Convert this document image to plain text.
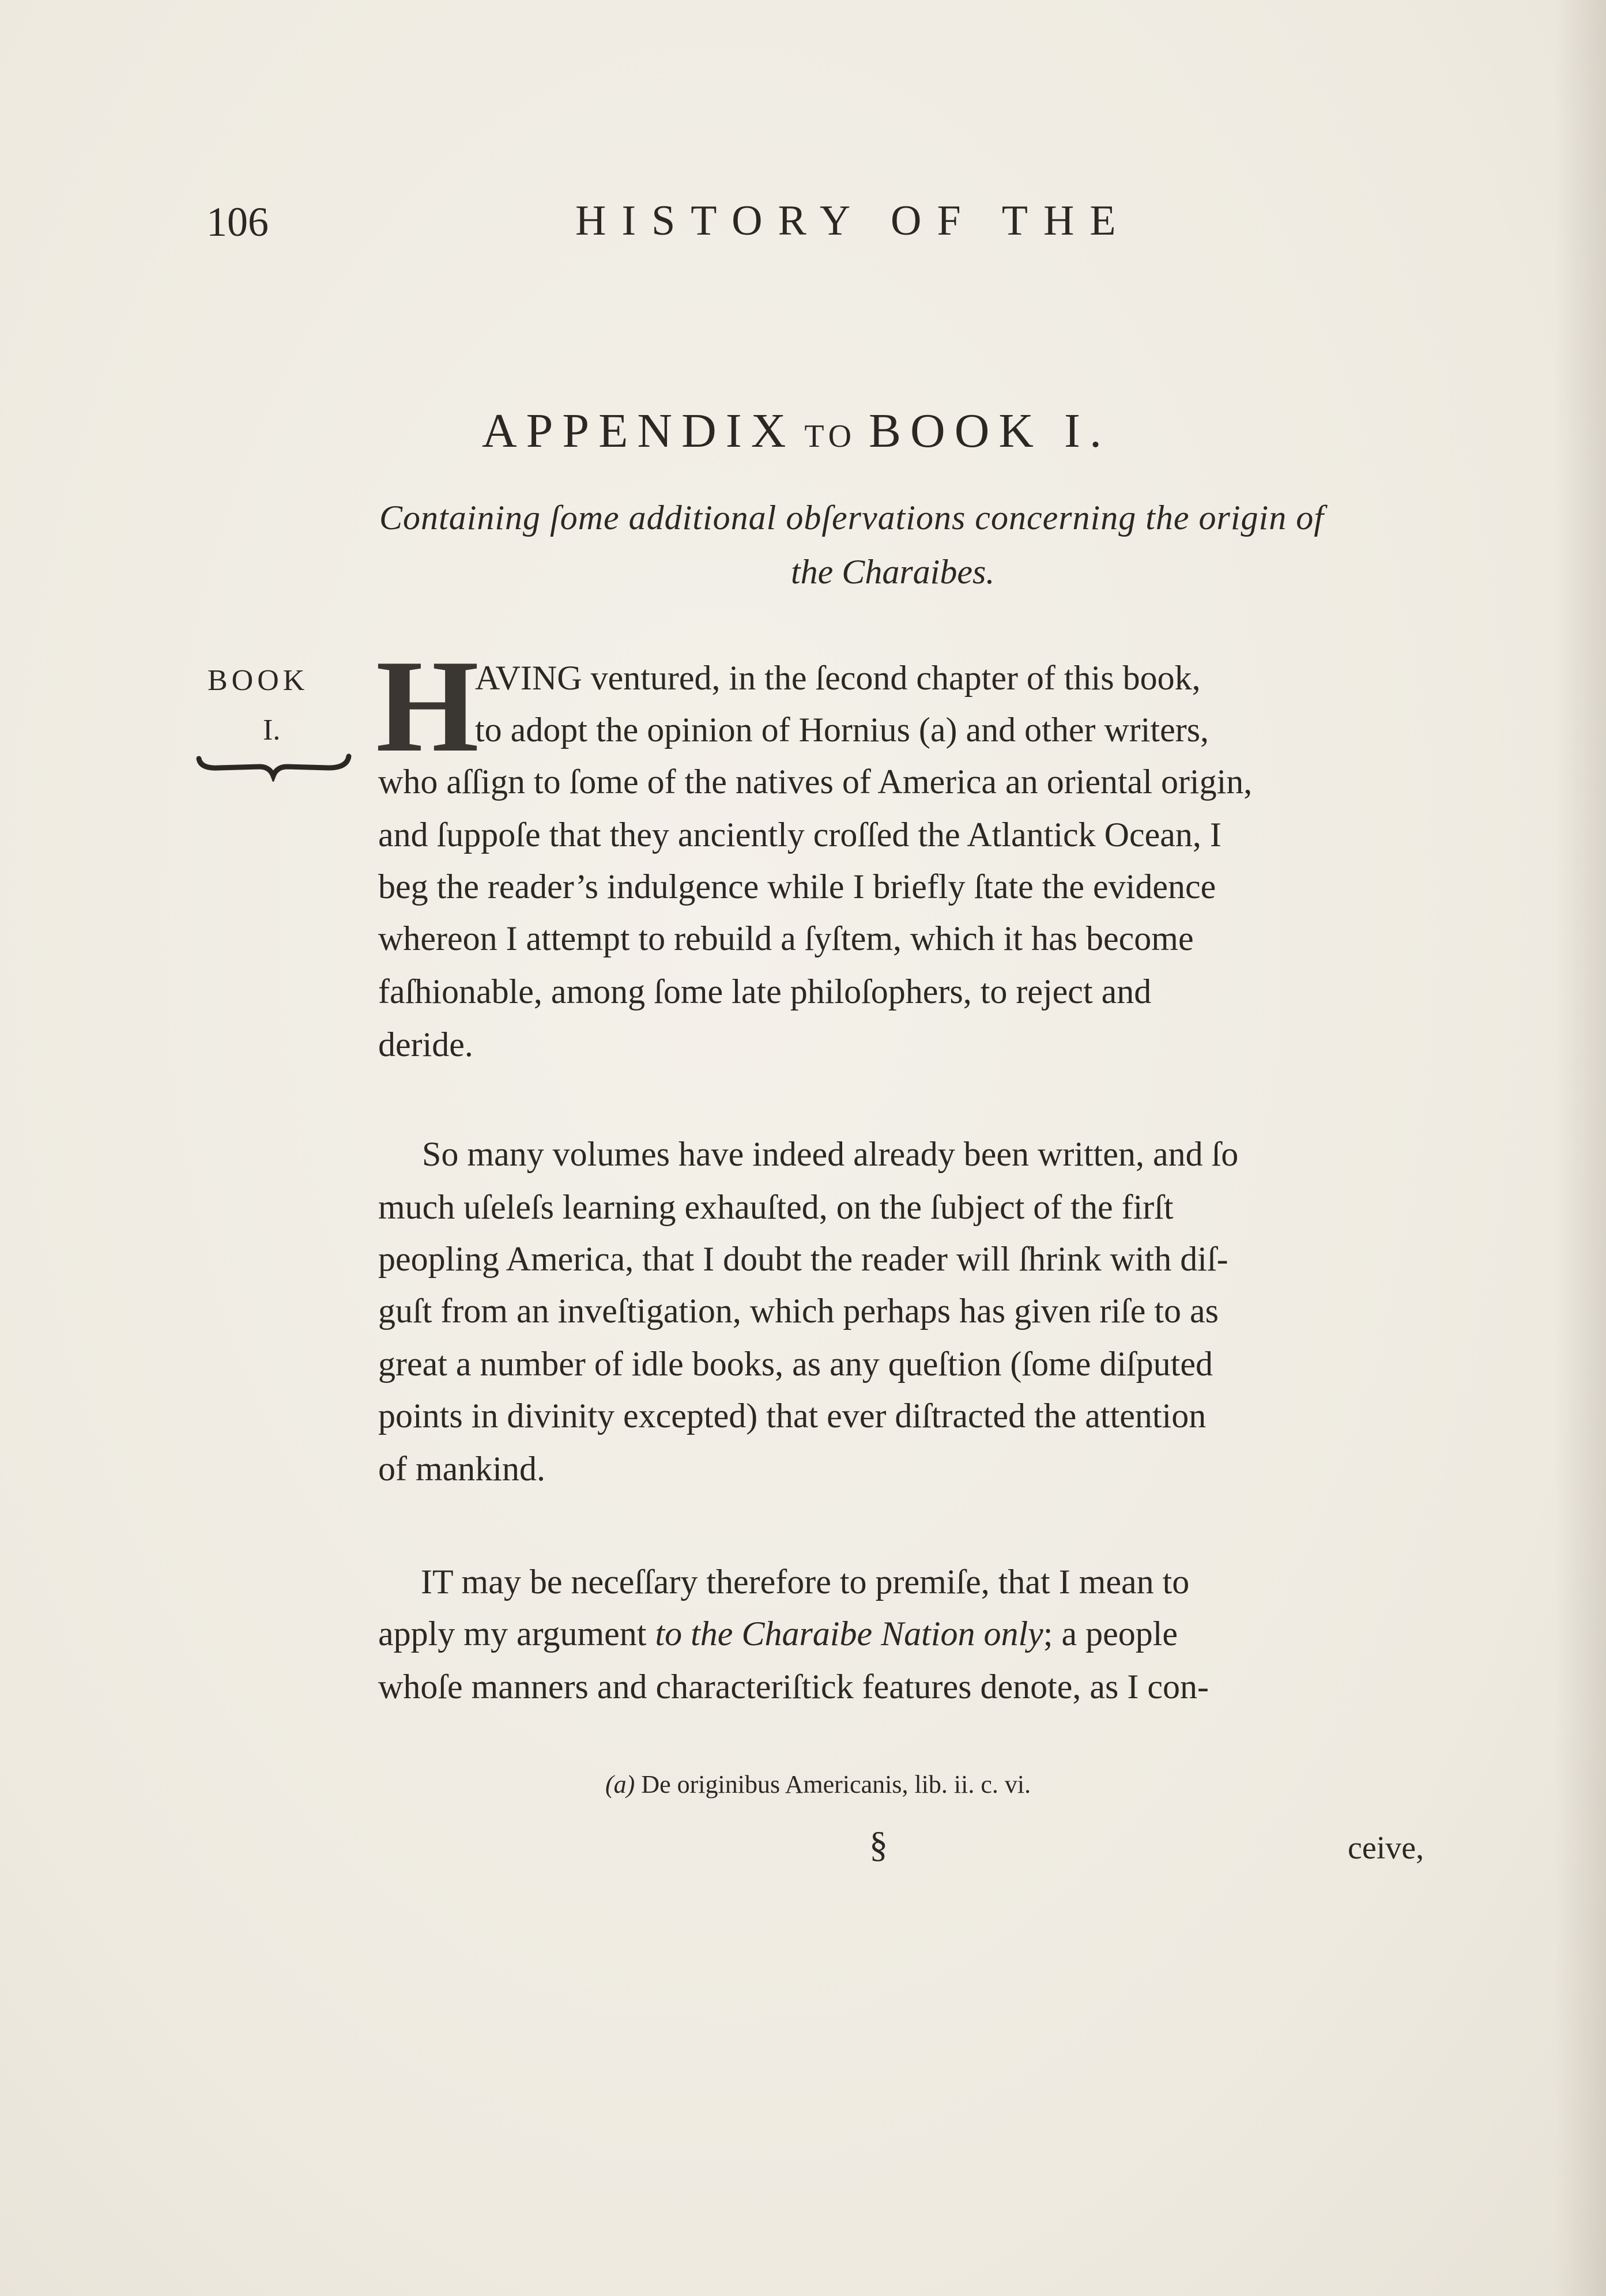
106	HISTORY OF THE
APPENDIX TO BOOK I.
Containing ſome additional obſervations concerning the origin of
the Charaibes.
BOOK
I. H
AVING ventured, in the ſecond chapter of this book,
to adopt the opinion of Hornius (a) and other writers,
who aſſign to ſome of the natives of America an oriental origin,
and ſuppoſe that they anciently croſſed the Atlantick Ocean, I
beg the reader’s indulgence while I briefly ſtate the evidence
whereon I attempt to rebuild a ſyſtem, which it has become
faſhionable, among ſome late philoſophers, to reject and
deride.
So many volumes have indeed already been written, and ſo
much uſeleſs learning exhauſted, on the ſubject of the firſt
peopling America, that I doubt the reader will ſhrink with diſ-
guſt from an inveſtigation, which perhaps has given riſe to as
great a number of idle books, as any queſtion (ſome diſputed
points in divinity excepted) that ever diſtracted the attention
of mankind.
IT may be neceſſary therefore to premiſe, that I mean to
apply my argument to the Charaibe Nation only; a people
whoſe manners and characteriſtick features denote, as I con-
(a) De originibus Americanis, lib. ii. c. vi.
§	ceive,
